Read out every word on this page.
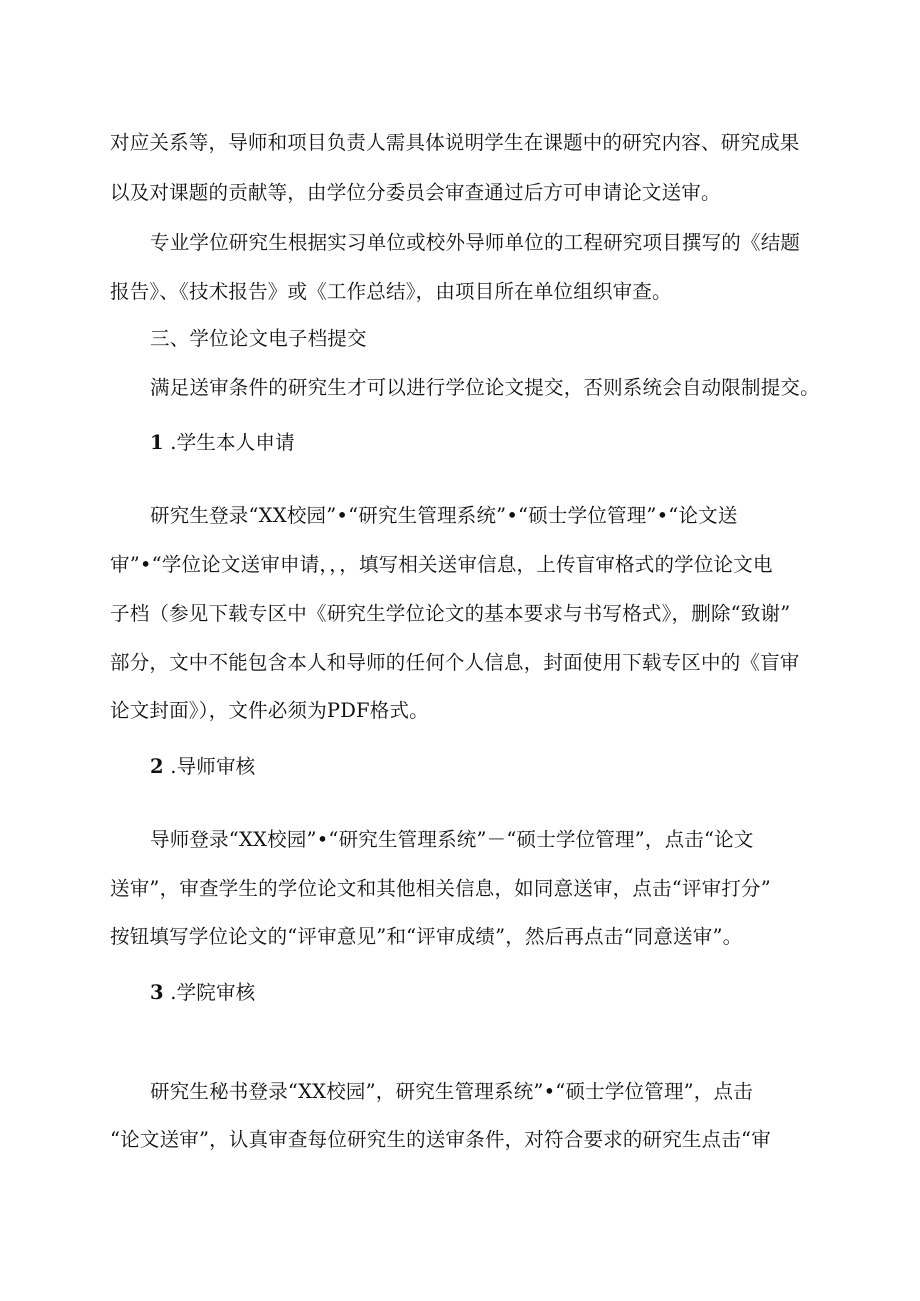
对应关系等，导师和项目负责人需具体说明学生在课题中的研究内容、研究成果
以及对课题的贡献等，由学位分委员会审查通过后方可申请论文送审。
专业学位研究生根据实习单位或校外导师单位的工程研究项目撰写的《结题
报告》、《技术报告》或《工作总结》，由项目所在单位组织审查。
三、学位论文电子档提交
满足送审条件的研究生才可以进行学位论文提交，否则系统会自动限制提交。
1 .学生本人申请
研究生登录“XX校园”•“研究生管理系统”•“硕士学位管理”•“论文送
审”•“学位论文送审申请，，，填写相关送审信息，上传盲审格式的学位论文电
子档（参见下载专区中《研究生学位论文的基本要求与书写格式》，删除“致谢”
部分，文中不能包含本人和导师的任何个人信息，封面使用下载专区中的《盲审
论文封面》），文件必须为PDF格式。
2 .导师审核
导师登录“XX校园”•“研究生管理系统”－“硕士学位管理”，点击“论文
送审”，审查学生的学位论文和其他相关信息，如同意送审，点击“评审打分”
按钮填写学位论文的“评审意见”和“评审成绩”，然后再点击“同意送审”。
3 .学院审核
研究生秘书登录“XX校园”，研究生管理系统”•“硕士学位管理”，点击
“论文送审”，认真审查每位研究生的送审条件，对符合要求的研究生点击“审
